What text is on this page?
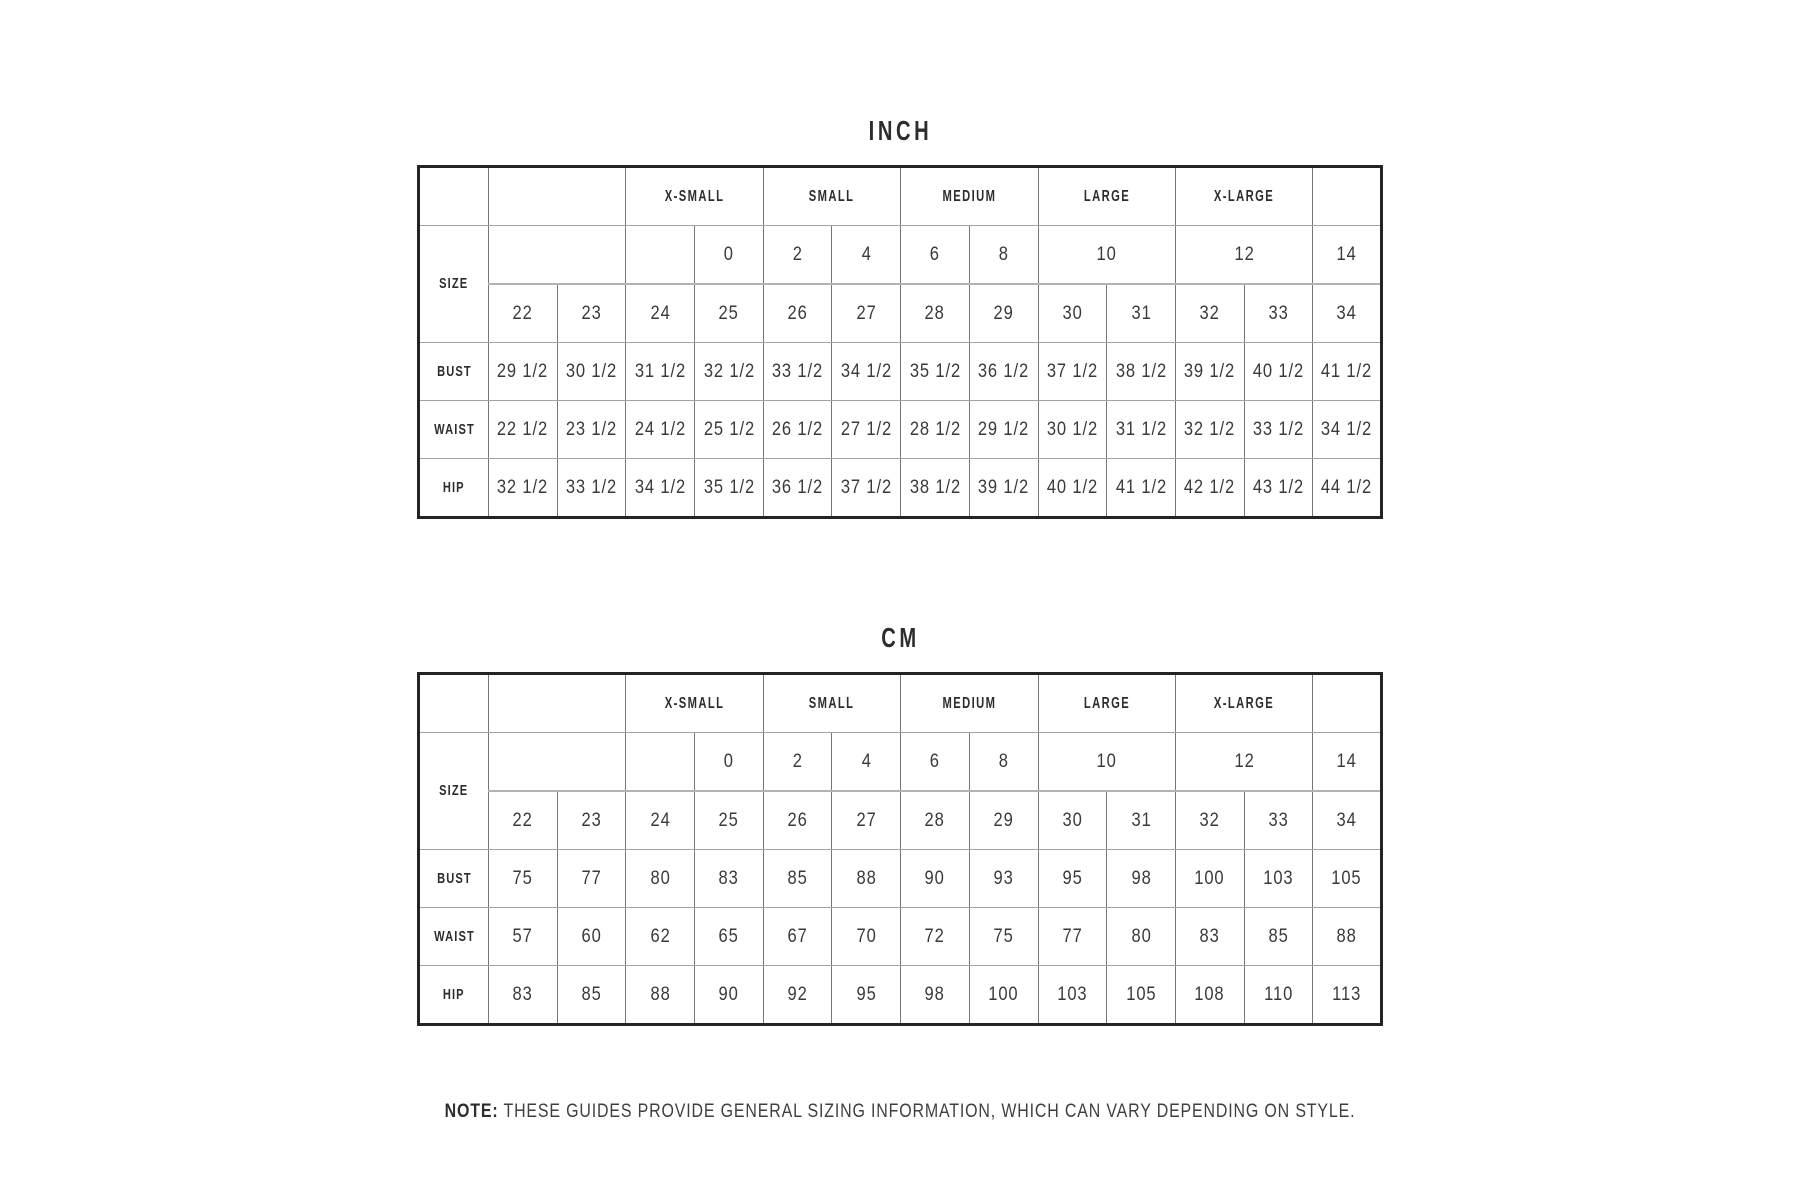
INCH
			X-SMALL		SMALL		MEDIUM		LARGE		X-LARGE		
SIZE				0	2	4	6	8	10		12		14
	22	23	24	25	26	27	28	29	30	31	32	33	34
BUST	29 1/2	30 1/2	31 1/2	32 1/2	33 1/2	34 1/2	35 1/2	36 1/2	37 1/2	38 1/2	39 1/2	40 1/2	41 1/2
WAIST	22 1/2	23 1/2	24 1/2	25 1/2	26 1/2	27 1/2	28 1/2	29 1/2	30 1/2	31 1/2	32 1/2	33 1/2	34 1/2
HIP	32 1/2	33 1/2	34 1/2	35 1/2	36 1/2	37 1/2	38 1/2	39 1/2	40 1/2	41 1/2	42 1/2	43 1/2	44 1/2
CM
			X-SMALL		SMALL		MEDIUM		LARGE		X-LARGE		
SIZE				0	2	4	6	8	10		12		14
	22	23	24	25	26	27	28	29	30	31	32	33	34
BUST	75	77	80	83	85	88	90	93	95	98	100	103	105
WAIST	57	60	62	65	67	70	72	75	77	80	83	85	88
HIP	83	85	88	90	92	95	98	100	103	105	108	110	113

NOTE: THESE GUIDES PROVIDE GENERAL SIZING INFORMATION, WHICH CAN VARY DEPENDING ON STYLE.
